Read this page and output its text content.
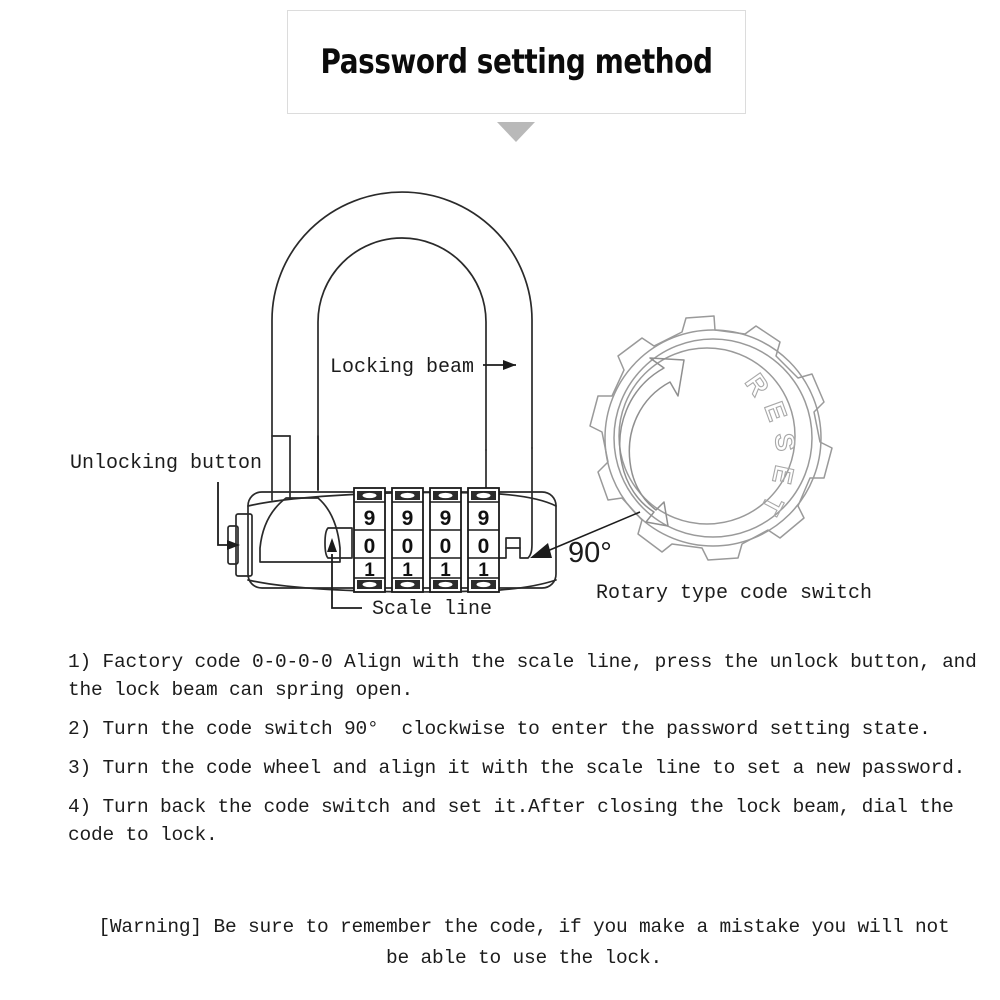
Password setting method
9
0
1
9
0
1
9
0
1
9
0
1
R
E
S
E
T
Locking beam
Unlocking button
Scale line
90°
Rotary type code switch
1) Factory code 0-0-0-0 Align with the scale line, press the unlock button, and the lock beam can spring open.
2) Turn the code switch 90°  clockwise to enter the password setting state.
3) Turn the code wheel and align it with the scale line to set a new password.
4) Turn back the code switch and set it.After closing the lock beam, dial the code to lock.
[Warning] Be sure to remember the code, if you make a mistake you will not
be able to use the lock.
